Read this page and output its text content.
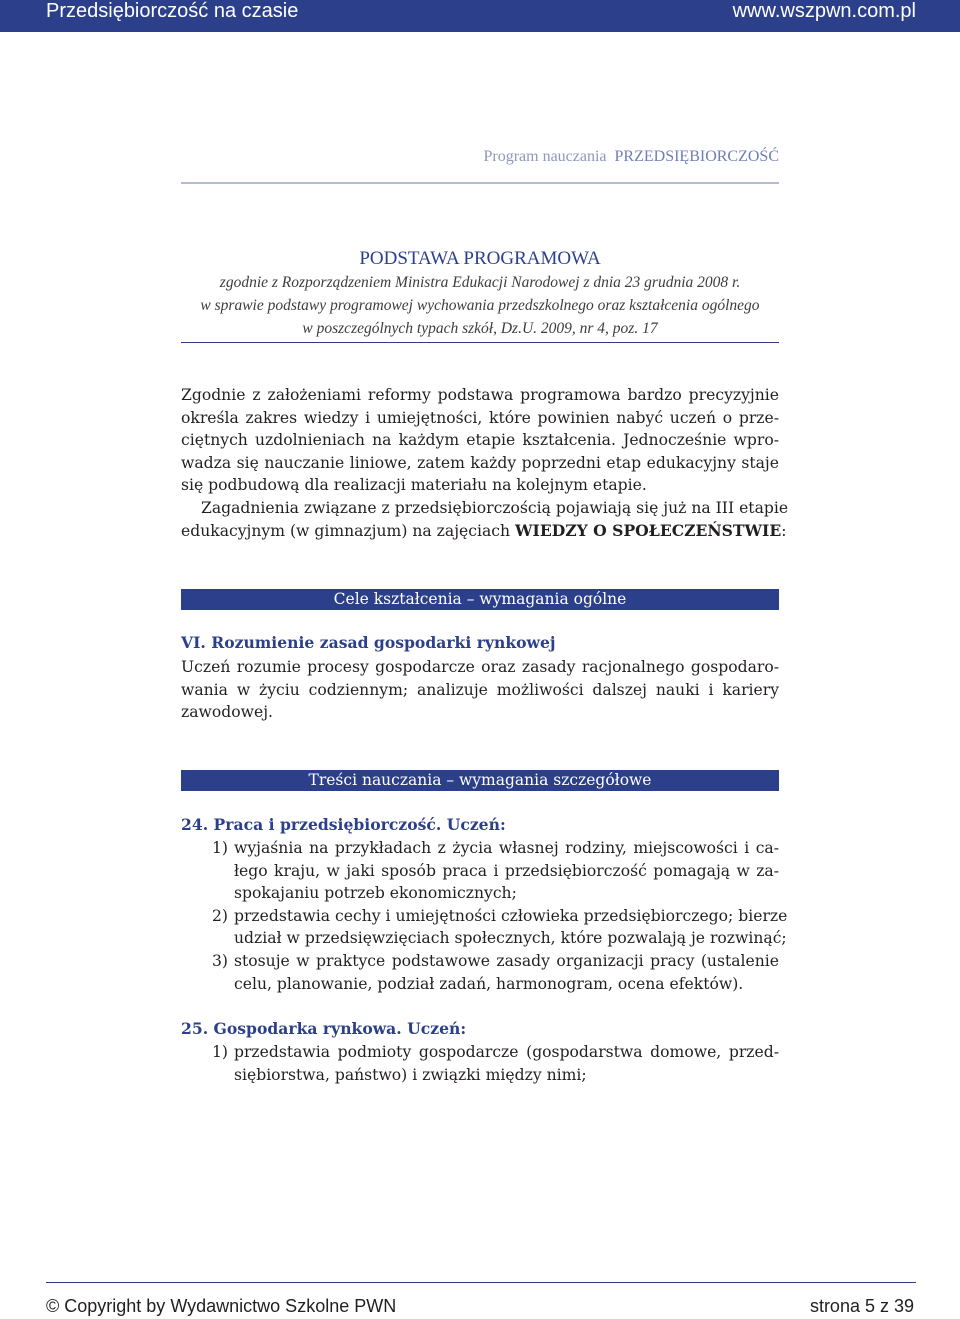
Przedsiębiorczość na czasie	www.wszpwn.com.pl
Program nauczania PRZEDSIĘBIORCZOŚĆ
PODSTAWA PROGRAMOWA
zgodnie z Rozporządzeniem Ministra Edukacji Narodowej z dnia 23 grudnia 2008 r.
w sprawie podstawy programowej wychowania przedszkolnego oraz kształcenia ogólnego
w poszczególnych typach szkół, Dz.U. 2009, nr 4, poz. 17
Zgodnie z założeniami reformy podstawa programowa bardzo precyzyjnie
określa zakres wiedzy i umiejętności, które powinien nabyć uczeń o prze-
ciętnych uzdolnieniach na każdym etapie kształcenia. Jednocześnie wpro-
wadza się nauczanie liniowe, zatem każdy poprzedni etap edukacyjny staje
się podbudową dla realizacji materiału na kolejnym etapie.
Zagadnienia związane z przedsiębiorczością pojawiają się już na III etapie
edukacyjnym (w gimnazjum) na zajęciach WIEDZY O SPOŁECZEŃSTWIE:
Cele kształcenia – wymagania ogólne
VI. Rozumienie zasad gospodarki rynkowej
Uczeń rozumie procesy gospodarcze oraz zasady racjonalnego gospodaro-
wania w życiu codziennym; analizuje możliwości dalszej nauki i kariery
zawodowej.
Treści nauczania – wymagania szczegółowe
24. Praca i przedsiębiorczość. Uczeń:
1) wyjaśnia na przykładach z życia własnej rodziny, miejscowości i ca-
łego kraju, w jaki sposób praca i przedsiębiorczość pomagają w za-
spokajaniu potrzeb ekonomicznych;
2) przedstawia cechy i umiejętności człowieka przedsiębiorczego; bierze
udział w przedsięwzięciach społecznych, które pozwalają je rozwinąć;
3) stosuje w praktyce podstawowe zasady organizacji pracy (ustalenie
celu, planowanie, podział zadań, harmonogram, ocena efektów).
25. Gospodarka rynkowa. Uczeń:
1) przedstawia podmioty gospodarcze (gospodarstwa domowe, przed-
siębiorstwa, państwo) i związki między nimi;
© Copyright by Wydawnictwo Szkolne PWN	strona 5 z 39
